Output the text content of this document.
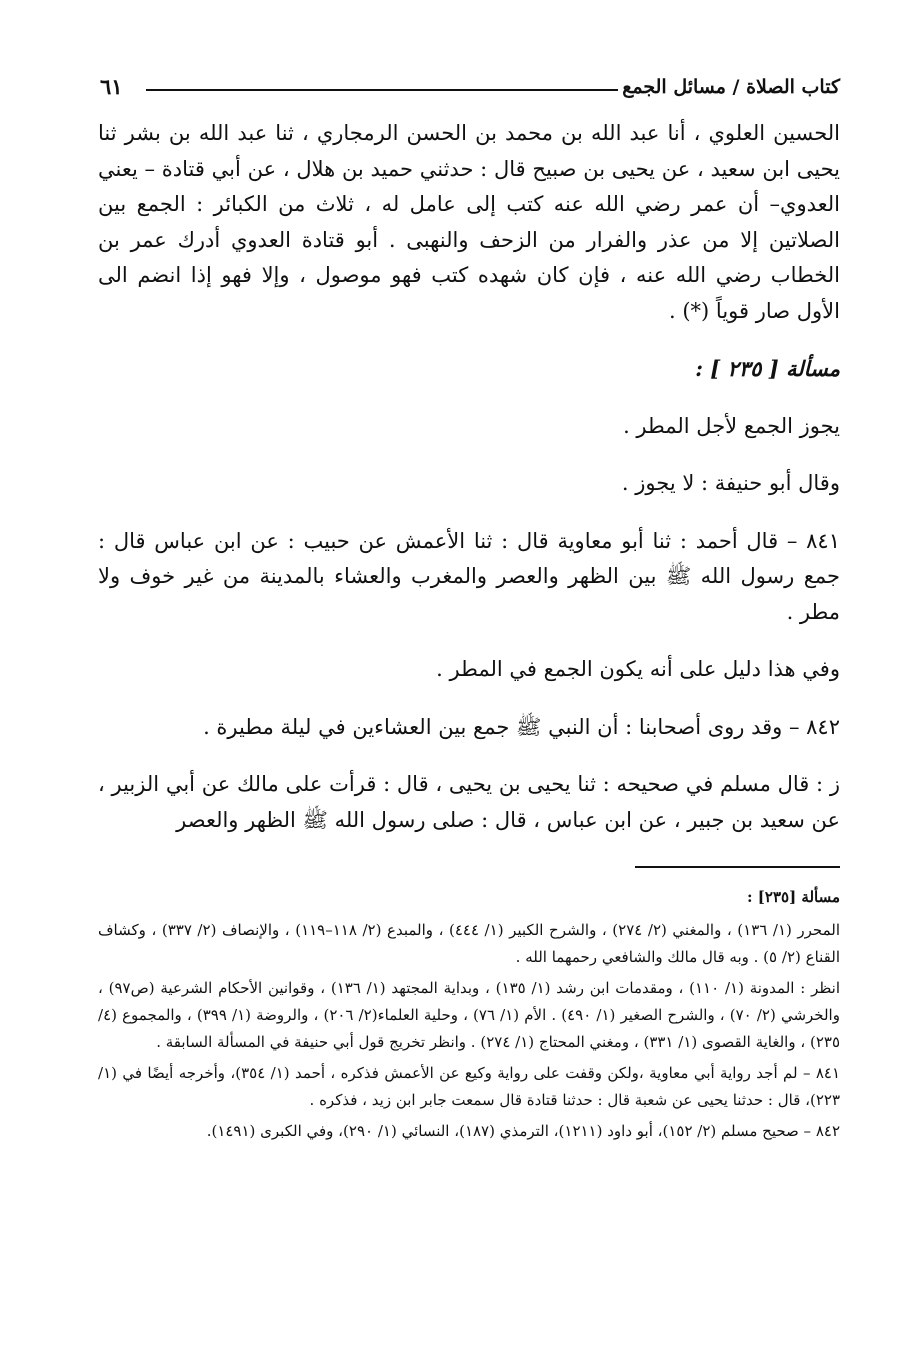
كتاب الصلاة / مسائل الجمع
٦١

الحسين العلوي ، أنا عبد الله بن محمد بن الحسن الرمجاري ، ثنا عبد الله بن بشر ثنا يحيى ابن سعيد ، عن يحيى بن صبيح قال : حدثني حميد بن هلال ، عن أبي قتادة – يعني العدوي– أن عمر رضي الله عنه كتب إلى عامل له ، ثلاث من الكبائر : الجمع بين الصلاتين إلا من عذر والفرار من الزحف والنهبى . أبو قتادة العدوي أدرك عمر بن الخطاب رضي الله عنه ، فإن كان شهده كتب فهو موصول ، وإلا فهو إذا انضم الى الأول صار قوياً (*) .

مسألة [ ٢٣٥ ] :

يجوز الجمع لأجل المطر .

وقال أبو حنيفة : لا يجوز .

٨٤١ – قال أحمد : ثنا أبو معاوية قال : ثنا الأعمش عن حبيب : عن ابن عباس قال : جمع رسول الله ﷺ بين الظهر والعصر والمغرب والعشاء بالمدينة من غير خوف ولا مطر .

وفي هذا دليل على أنه يكون الجمع في المطر .

٨٤٢ – وقد روى أصحابنا : أن النبي ﷺ جمع بين العشاءين في ليلة مطيرة .

ز : قال مسلم في صحيحه : ثنا يحيى بن يحيى ، قال : قرأت على مالك عن أبي الزبير ، عن سعيد بن جبير ، عن ابن عباس ، قال : صلى رسول الله ﷺ الظهر والعصر

مسألة [٢٣٥] :

المحرر (١/ ١٣٦) ، والمغني (٢/ ٢٧٤) ، والشرح الكبير (١/ ٤٤٤) ، والمبدع (٢/ ١١٨–١١٩) ، والإنصاف (٢/ ٣٣٧) ، وكشاف القناع (٢/ ٥) . وبه قال مالك والشافعي رحمهما الله .

انظر : المدونة (١/ ١١٠) ، ومقدمات ابن رشد (١/ ١٣٥) ، وبداية المجتهد (١/ ١٣٦) ، وقوانين الأحكام الشرعية (ص٩٧) ، والخرشي (٢/ ٧٠) ، والشرح الصغير (١/ ٤٩٠) . الأم (١/ ٧٦) ، وحلية العلماء(٢/ ٢٠٦) ، والروضة (١/ ٣٩٩) ، والمجموع (٤/ ٢٣٥) ، والغاية القصوى (١/ ٣٣١) ، ومغني المحتاج (١/ ٢٧٤) . وانظر تخريج قول أبي حنيفة في المسألة السابقة .

٨٤١ – لم أجد رواية أبي معاوية ،ولكن وقفت على رواية وكيع عن الأعمش فذكره ، أحمد (١/ ٣٥٤)، وأخرجه أيضًا في (١/ ٢٢٣)، قال : حدثنا يحيى عن شعبة قال : حدثنا قتادة قال سمعت جابر ابن زيد ، فذكره .

٨٤٢ – صحيح مسلم (٢/ ١٥٢)، أبو داود (١٢١١)، الترمذي (١٨٧)، النسائي (١/ ٢٩٠)، وفي الكبرى (١٤٩١).
